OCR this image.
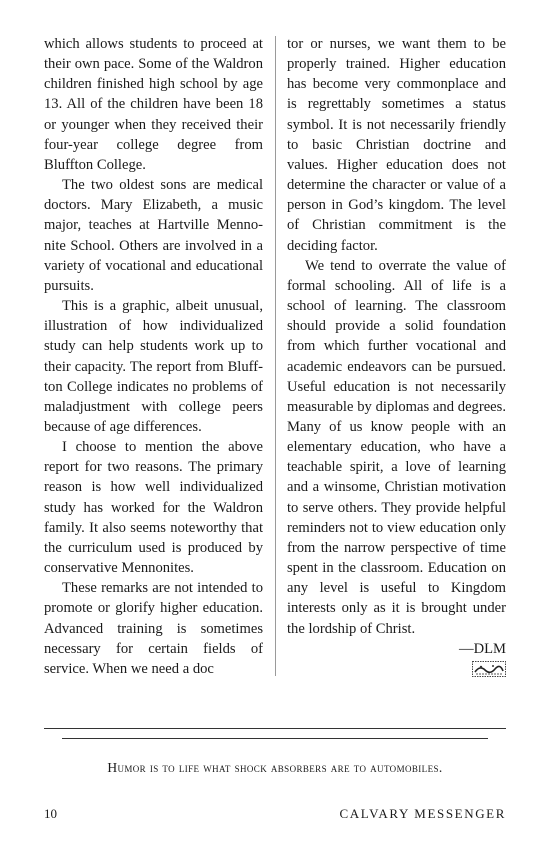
which allows students to proceed at their own pace. Some of the Waldron children finished high school by age 13. All of the children have been 18 or younger when they received their four-year college degree from Bluffton College.

The two oldest sons are medical doctors. Mary Elizabeth, a music major, teaches at Hartville Mennonite School. Others are involved in a variety of vocational and educational pursuits.

This is a graphic, albeit unusual, illustration of how individualized study can help students work up to their capacity. The report from Bluffton College indicates no problems of maladjustment with college peers because of age differences.

I choose to mention the above report for two reasons. The primary reason is how well individualized study has worked for the Waldron family. It also seems noteworthy that the curriculum used is produced by conservative Mennonites.

These remarks are not intended to promote or glorify higher education. Advanced training is sometimes necessary for certain fields of service. When we need a doc

tor or nurses, we want them to be properly trained. Higher education has become very commonplace and is regrettably sometimes a status symbol. It is not necessarily friendly to basic Christian doctrine and values. Higher education does not determine the character or value of a person in God’s kingdom. The level of Christian commitment is the deciding factor.

We tend to overrate the value of formal schooling. All of life is a school of learning. The classroom should provide a solid foundation from which further vocational and academic endeavors can be pursued. Useful education is not necessarily measurable by diplomas and degrees. Many of us know people with an elementary education, who have a teachable spirit, a love of learning and a winsome, Christian motivation to serve others. They provide helpful reminders not to view education only from the narrow perspective of time spent in the classroom. Education on any level is useful to Kingdom interests only as it is brought under the lordship of Christ.

—DLM
Humor is to life what shock absorbers are to automobiles.
10	CALVARY MESSENGER
